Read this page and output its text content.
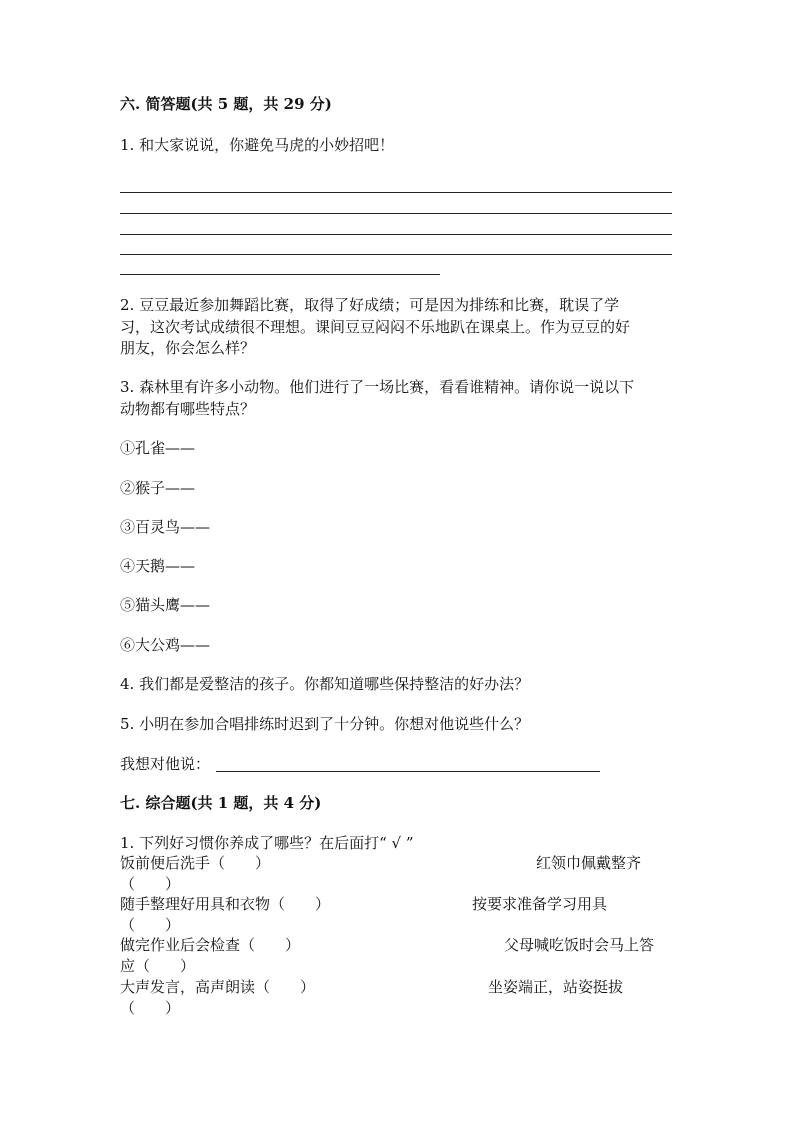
六. 简答题(共 5 题，共 29 分)
1. 和大家说说，你避免马虎的小妙招吧！
2. 豆豆最近参加舞蹈比赛，取得了好成绩；可是因为排练和比赛，耽误了学
习，这次考试成绩很不理想。课间豆豆闷闷不乐地趴在课桌上。作为豆豆的好
朋友，你会怎么样？
3. 森林里有许多小动物。他们进行了一场比赛，看看谁精神。请你说一说以下
动物都有哪些特点？
①孔雀——
②猴子——
③百灵鸟——
④天鹅——
⑤猫头鹰——
⑥大公鸡——
4. 我们都是爱整洁的孩子。你都知道哪些保持整洁的好办法？
5. 小明在参加合唱排练时迟到了十分钟。你想对他说些什么？
我想对他说：
七. 综合题(共 1 题，共 4 分)
1. 下列好习惯你养成了哪些？在后面打“ √ ”
饭前便后洗手（　　）	红领巾佩戴整齐
（　　）
随手整理好用具和衣物（　　）	按要求准备学习用具
（　　）
做完作业后会检查（　　）	父母喊吃饭时会马上答
应（　　）
大声发言，高声朗读（　　）	坐姿端正，站姿挺拔
（　　）
